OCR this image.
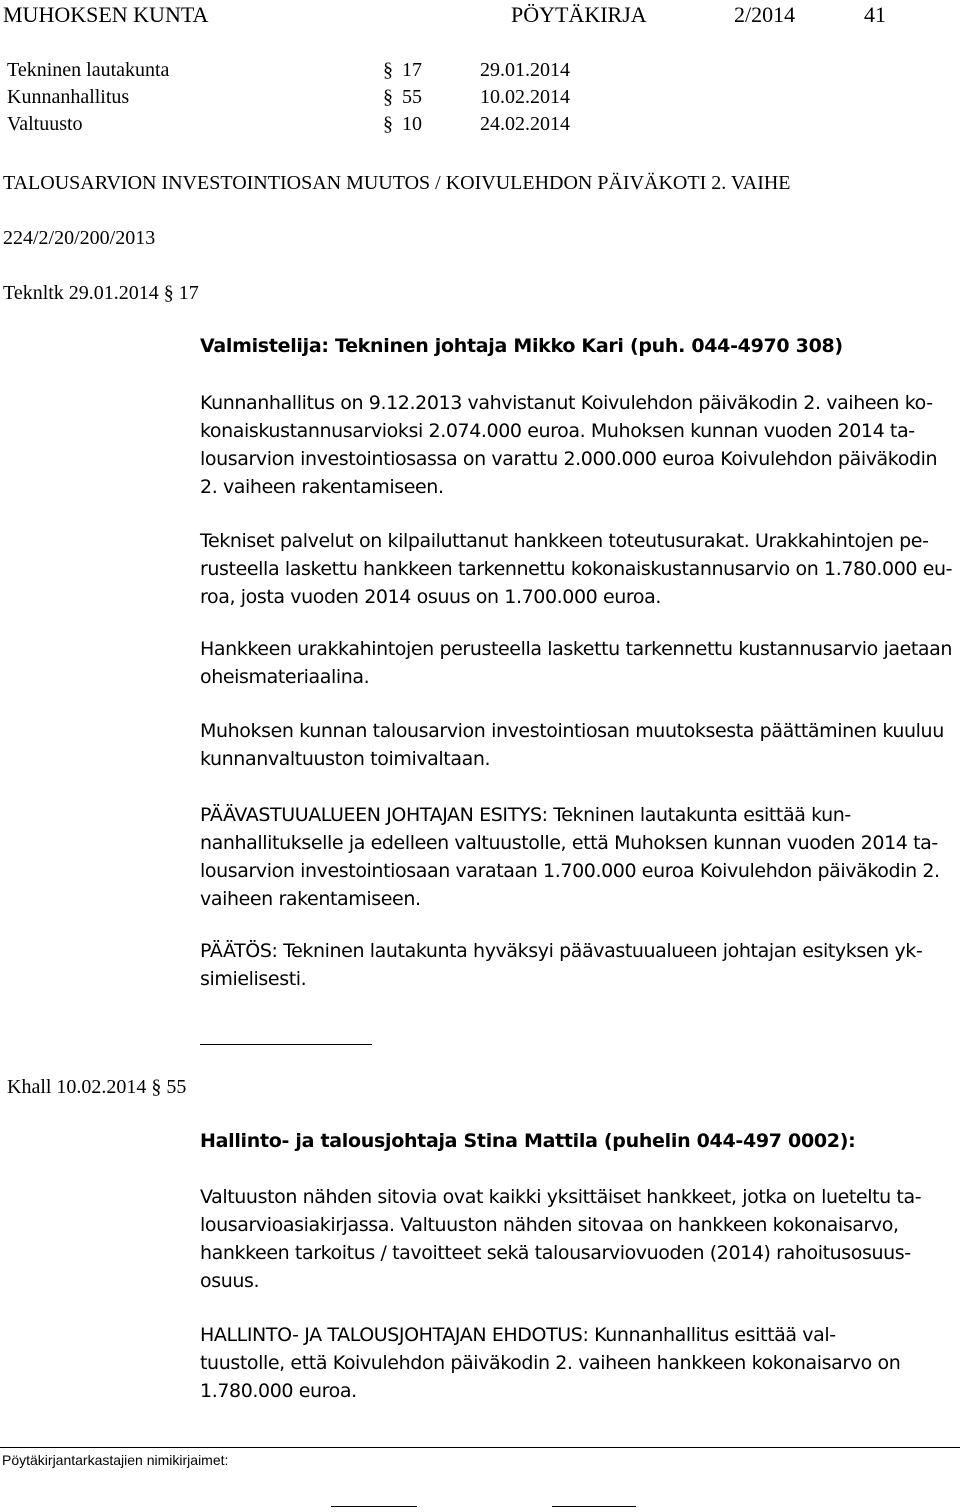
MUHOKSEN KUNTA	PÖYTÄKIRJA	2/2014	41
Tekninen lautakunta	§ 17	29.01.2014
Kunnanhallitus	§ 55	10.02.2014
Valtuusto	§ 10	24.02.2014
TALOUSARVION INVESTOINTIOSAN MUUTOS / KOIVULEHDON PÄIVÄKOTI 2. VAIHE
224/2/20/200/2013
Teknltk 29.01.2014 § 17
Valmistelija: Tekninen johtaja Mikko Kari (puh. 044-4970 308)
Kunnanhallitus on 9.12.2013 vahvistanut Koivulehdon päiväkodin 2. vaiheen ko-
konaiskustannusarvioksi 2.074.000 euroa. Muhoksen kunnan vuoden 2014 ta-
lousarvion investointiosassa on varattu 2.000.000 euroa Koivulehdon päiväkodin
2. vaiheen rakentamiseen.
Tekniset palvelut on kilpailuttanut hankkeen toteutusurakat. Urakkahintojen pe-
rusteella laskettu hankkeen tarkennettu kokonaiskustannusarvio on 1.780.000 eu-
roa, josta vuoden 2014 osuus on 1.700.000 euroa.
Hankkeen urakkahintojen perusteella laskettu tarkennettu kustannusarvio jaetaan
oheismateriaalina.
Muhoksen kunnan talousarvion investointiosan muutoksesta päättäminen kuuluu
kunnanvaltuuston toimivaltaan.
PÄÄVASTUUALUEEN JOHTAJAN ESITYS: Tekninen lautakunta esittää kun-
nanhallitukselle ja edelleen valtuustolle, että Muhoksen kunnan vuoden 2014 ta-
lousarvion investointiosaan varataan 1.700.000 euroa Koivulehdon päiväkodin 2.
vaiheen rakentamiseen.
PÄÄTÖS: Tekninen lautakunta hyväksyi päävastuualueen johtajan esityksen yk-
simielisesti.
Khall 10.02.2014 § 55
Hallinto- ja talousjohtaja Stina Mattila (puhelin 044-497 0002):
Valtuuston nähden sitovia ovat kaikki yksittäiset hankkeet, jotka on lueteltu ta-
lousarvioasiakirjassa. Valtuuston nähden sitovaa on hankkeen kokonaisarvo,
hankkeen tarkoitus / tavoitteet sekä talousarviovuoden (2014) rahoitusosuus-
osuus.
HALLINTO- JA TALOUSJOHTAJAN EHDOTUS: Kunnanhallitus esittää val-
tuustolle, että Koivulehdon päiväkodin 2. vaiheen hankkeen kokonaisarvo on
1.780.000 euroa.
Pöytäkirjantarkastajien nimikirjaimet:
